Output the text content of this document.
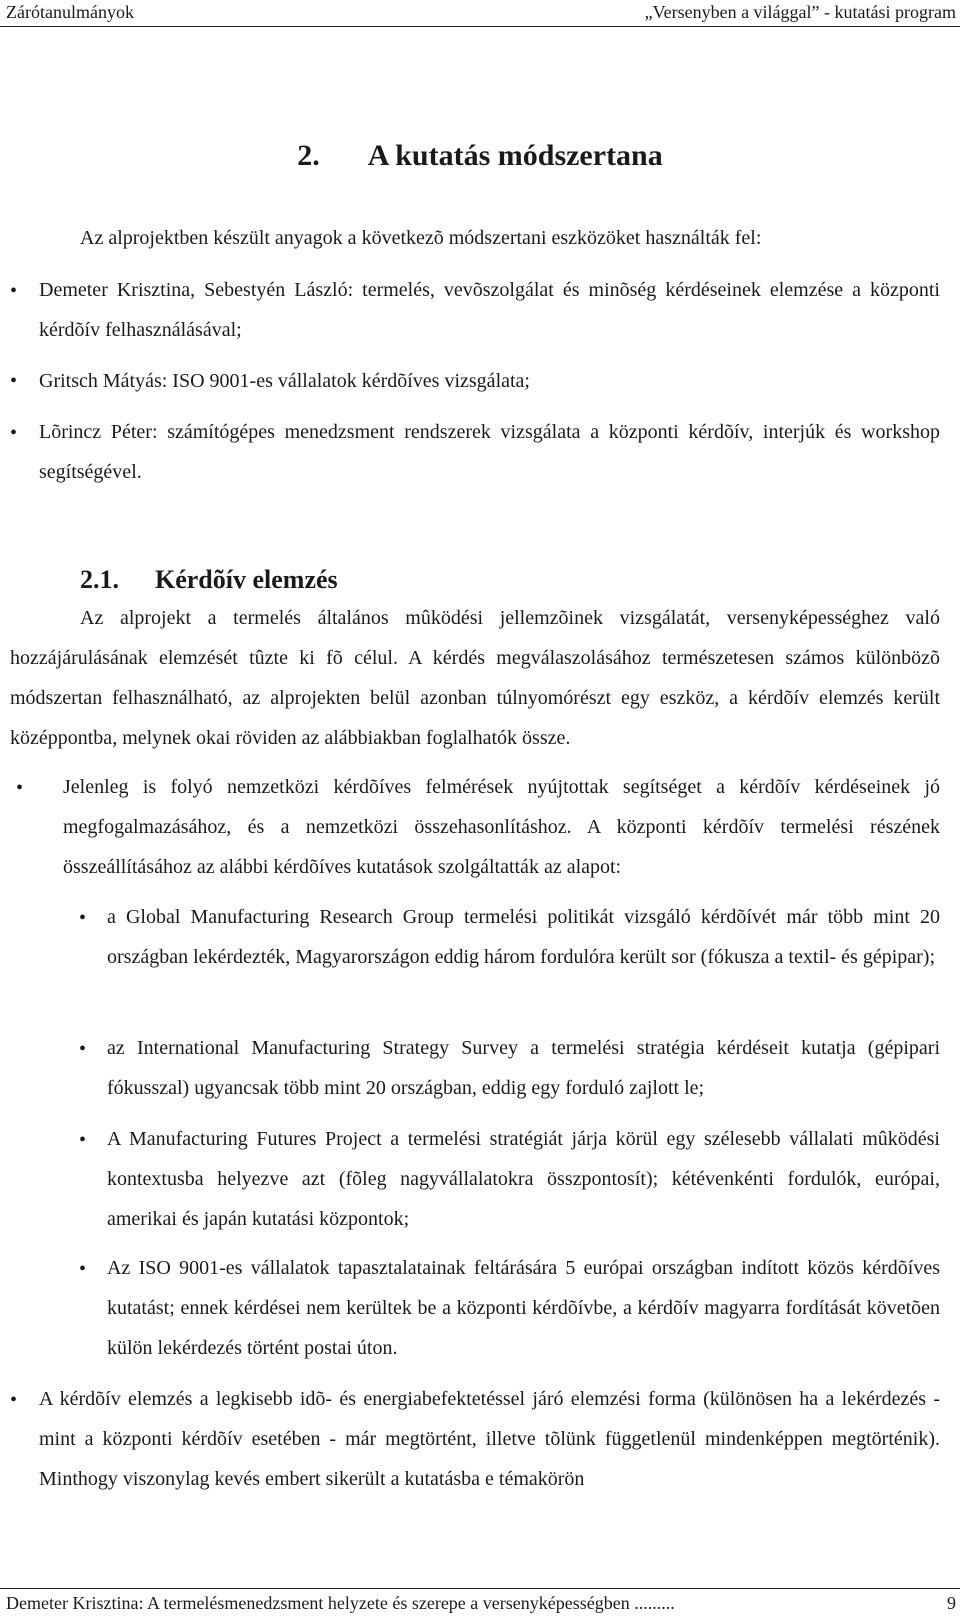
Zárótanulmányok	„Versenyben a világgal” - kutatási program
2. A kutatás módszertana
Az alprojektben készült anyagok a következõ módszertani eszközöket használták fel:
• Demeter Krisztina, Sebestyén László: termelés, vevõszolgálat és minõség kérdéseinek elemzése a központi kérdõív felhasználásával;
• Gritsch Mátyás: ISO 9001-es vállalatok kérdõíves vizsgálata;
• Lõrincz Péter: számítógépes menedzsment rendszerek vizsgálata a központi kérdõív, interjúk és workshop segítségével.
2.1. Kérdõív elemzés
Az alprojekt a termelés általános mûködési jellemzõinek vizsgálatát, versenyképességhez való hozzájárulásának elemzését tûzte ki fõ célul. A kérdés megválaszolásához természetesen számos különbözõ módszertan felhasználható, az alprojekten belül azonban túlnyomórészt egy eszköz, a kérdõív elemzés került középpontba, melynek okai röviden az alábbiakban foglalhatók össze.
• Jelenleg is folyó nemzetközi kérdõíves felmérések nyújtottak segítséget a kérdõív kérdéseinek jó megfogalmazásához, és a nemzetközi összehasonlításhoz. A központi kérdõív termelési részének összeállításához az alábbi kérdõíves kutatások szolgáltatták az alapot:
• a Global Manufacturing Research Group termelési politikát vizsgáló kérdõívét már több mint 20 országban lekérdezték, Magyarországon eddig három fordulóra került sor (fókusza a textil- és gépipar);
• az International Manufacturing Strategy Survey a termelési stratégia kérdéseit kutatja (gépipari fókusszal) ugyancsak több mint 20 országban, eddig egy forduló zajlott le;
• A Manufacturing Futures Project a termelési stratégiát járja körül egy szélesebb vállalati mûködési kontextusba helyezve azt (fõleg nagyvállalatokra összpontosít); kétévenkénti fordulók, európai, amerikai és japán kutatási központok;
• Az ISO 9001-es vállalatok tapasztalatainak feltárására 5 európai országban indított közös kérdõíves kutatást; ennek kérdései nem kerültek be a központi kérdõívbe, a kérdõív magyarra fordítását követõen külön lekérdezés történt postai úton.
• A kérdõív elemzés a legkisebb idõ- és energiabefektetéssel járó elemzési forma (különösen ha a lekérdezés - mint a központi kérdõív esetében - már megtörtént, illetve tõlünk függetlenül mindenképpen megtörténik). Minthogy viszonylag kevés embert sikerült a kutatásba e témakörön
Demeter Krisztina: A termelésmenedzsment helyzete és szerepe a versenyképességben .........	9
